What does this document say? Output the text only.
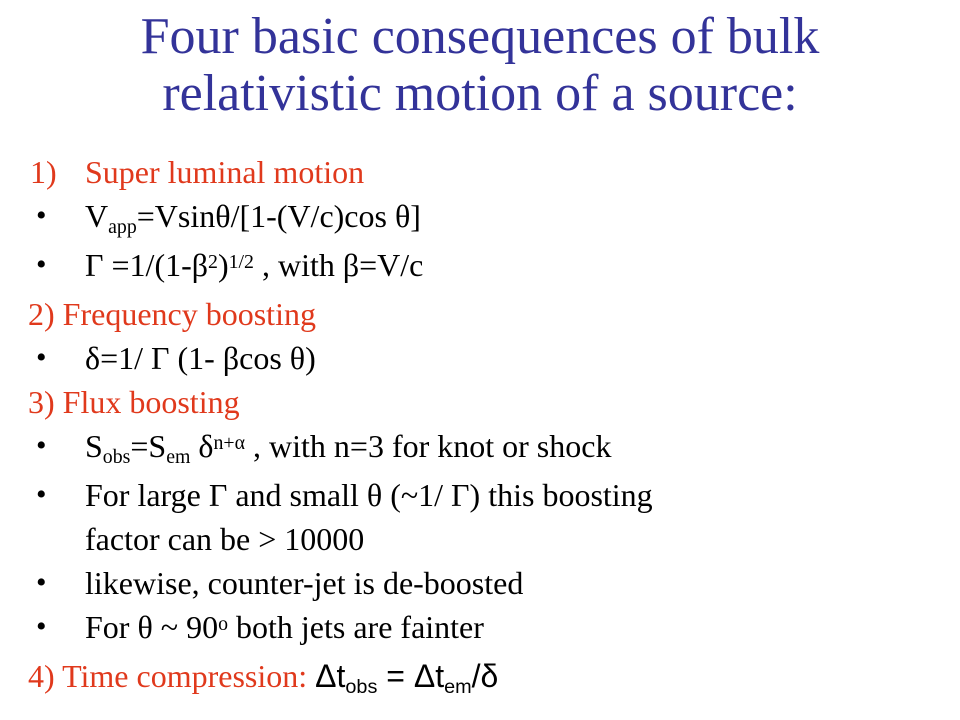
Four basic consequences of bulk
relativistic motion of a source:
1) Super luminal motion
• Vapp=Vsinθ/[1-(V/c)cos θ]
• $\Gamma =1/(1-\beta^2)^{1/2}$ , with β=V/c
2) Frequency boosting
• δ=1/ Γ (1- βcos θ)
3) Flux boosting
• Sobs=Sem $\delta^{n+\alpha}$ , with n=3 for knot or shock
• For large Γ and small θ (~1/ Γ) this boosting
factor can be > 10000
• likewise, counter-jet is de-boosted
• For θ ~ 90$^o$ both jets are fainter
4) Time compression: Δtobs = Δtem/δ
